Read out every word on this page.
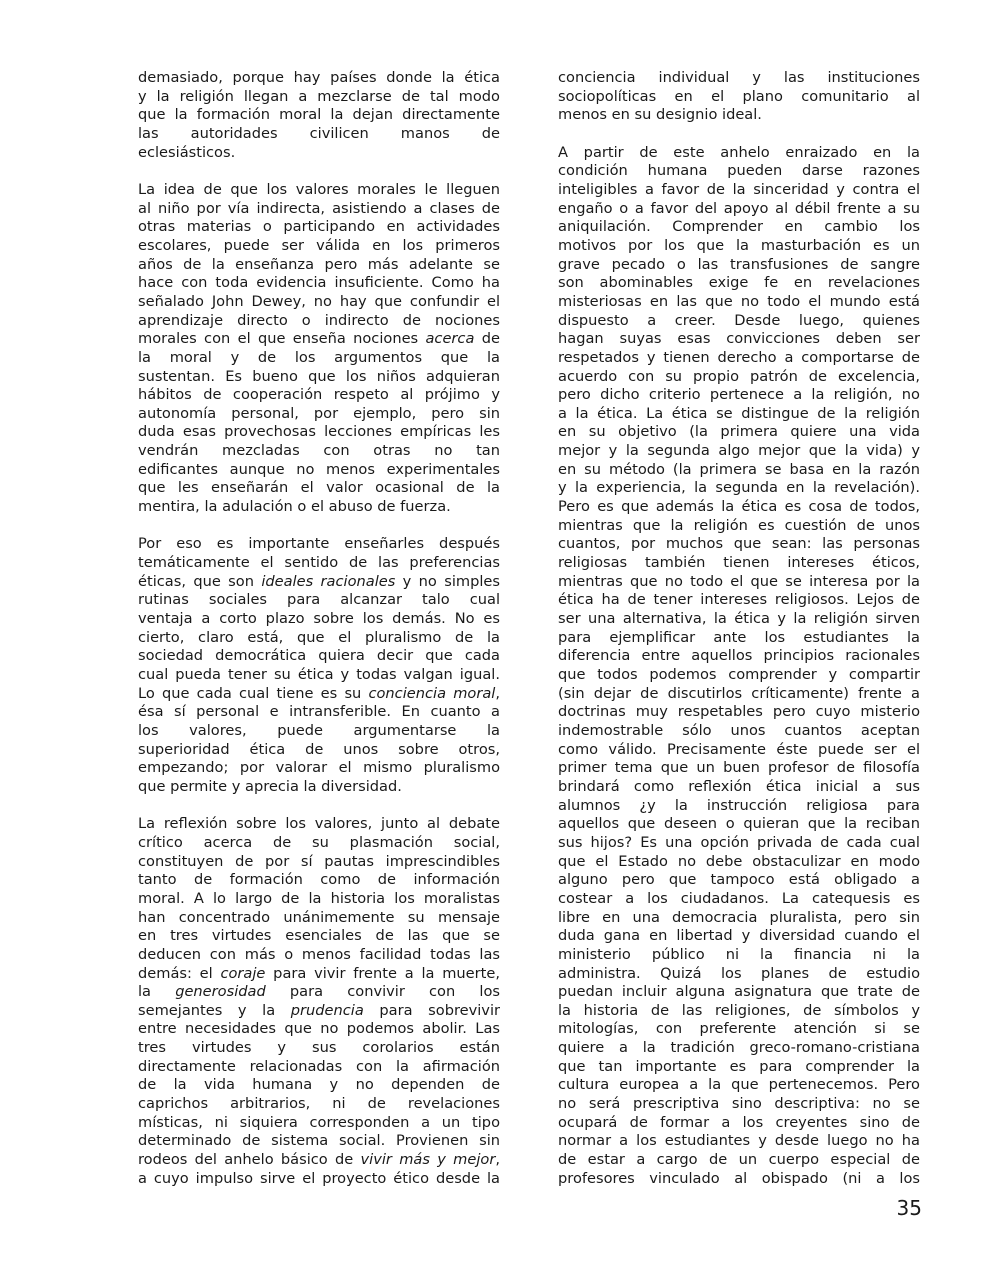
demasiado, porque hay países donde la ética
y la religión llegan a mezclarse de tal modo
que la formación moral la dejan directamente
las autoridades civilicen manos de
eclesiásticos.
La idea de que los valores morales le lleguen
al niño por vía indirecta, asistiendo a clases de
otras materias o participando en actividades
escolares, puede ser válida en los primeros
años de la enseñanza pero más adelante se
hace con toda evidencia insuficiente. Como ha
señalado John Dewey, no hay que confundir el
aprendizaje directo o indirecto de nociones
morales con el que enseña nociones acerca de
la moral y de los argumentos que la
sustentan. Es bueno que los niños adquieran
hábitos de cooperación respeto al prójimo y
autonomía personal, por ejemplo, pero sin
duda esas provechosas lecciones empíricas les
vendrán mezcladas con otras no tan
edificantes aunque no menos experimentales
que les enseñarán el valor ocasional de la
mentira, la adulación o el abuso de fuerza.
Por eso es importante enseñarles después
temáticamente el sentido de las preferencias
éticas, que son ideales racionales y no simples
rutinas sociales para alcanzar talo cual
ventaja a corto plazo sobre los demás. No es
cierto, claro está, que el pluralismo de la
sociedad democrática quiera decir que cada
cual pueda tener su ética y todas valgan igual.
Lo que cada cual tiene es su conciencia moral,
ésa sí personal e intransferible. En cuanto a
los valores, puede argumentarse la
superioridad ética de unos sobre otros,
empezando; por valorar el mismo pluralismo
que permite y aprecia la diversidad.
La reflexión sobre los valores, junto al debate
crítico acerca de su plasmación social,
constituyen de por sí pautas imprescindibles
tanto de formación como de información
moral. A lo largo de la historia los moralistas
han concentrado unánimemente su mensaje
en tres virtudes esenciales de las que se
deducen con más o menos facilidad todas las
demás: el coraje para vivir frente a la muerte,
la generosidad para convivir con los
semejantes y la prudencia para sobrevivir
entre necesidades que no podemos abolir. Las
tres virtudes y sus corolarios están
directamente relacionadas con la afirmación
de la vida humana y no dependen de
caprichos arbitrarios, ni de revelaciones
místicas, ni siquiera corresponden a un tipo
determinado de sistema social. Provienen sin
rodeos del anhelo básico de vivir más y mejor,
a cuyo impulso sirve el proyecto ético desde la
conciencia individual y las instituciones
sociopolíticas en el plano comunitario al
menos en su designio ideal.
A partir de este anhelo enraizado en la
condición humana pueden darse razones
inteligibles a favor de la sinceridad y contra el
engaño o a favor del apoyo al débil frente a su
aniquilación. Comprender en cambio los
motivos por los que la masturbación es un
grave pecado o las transfusiones de sangre
son abominables exige fe en revelaciones
misteriosas en las que no todo el mundo está
dispuesto a creer. Desde luego, quienes
hagan suyas esas convicciones deben ser
respetados y tienen derecho a comportarse de
acuerdo con su propio patrón de excelencia,
pero dicho criterio pertenece a la religión, no
a la ética. La ética se distingue de la religión
en su objetivo (la primera quiere una vida
mejor y la segunda algo mejor que la vida) y
en su método (la primera se basa en la razón
y la experiencia, la segunda en la revelación).
Pero es que además la ética es cosa de todos,
mientras que la religión es cuestión de unos
cuantos, por muchos que sean: las personas
religiosas también tienen intereses éticos,
mientras que no todo el que se interesa por la
ética ha de tener intereses religiosos. Lejos de
ser una alternativa, la ética y la religión sirven
para ejemplificar ante los estudiantes la
diferencia entre aquellos principios racionales
que todos podemos comprender y compartir
(sin dejar de discutirlos críticamente) frente a
doctrinas muy respetables pero cuyo misterio
indemostrable sólo unos cuantos aceptan
como válido. Precisamente éste puede ser el
primer tema que un buen profesor de filosofía
brindará como reflexión ética inicial a sus
alumnos ¿y la instrucción religiosa para
aquellos que deseen o quieran que la reciban
sus hijos? Es una opción privada de cada cual
que el Estado no debe obstaculizar en modo
alguno pero que tampoco está obligado a
costear a los ciudadanos. La catequesis es
libre en una democracia pluralista, pero sin
duda gana en libertad y diversidad cuando el
ministerio público ni la financia ni la
administra. Quizá los planes de estudio
puedan incluir alguna asignatura que trate de
la historia de las religiones, de símbolos y
mitologías, con preferente atención si se
quiere a la tradición greco-romano-cristiana
que tan importante es para comprender la
cultura europea a la que pertenecemos. Pero
no será prescriptiva sino descriptiva: no se
ocupará de formar a los creyentes sino de
normar a los estudiantes y desde luego no ha
de estar a cargo de un cuerpo especial de
profesores vinculado al obispado (ni a los
35
